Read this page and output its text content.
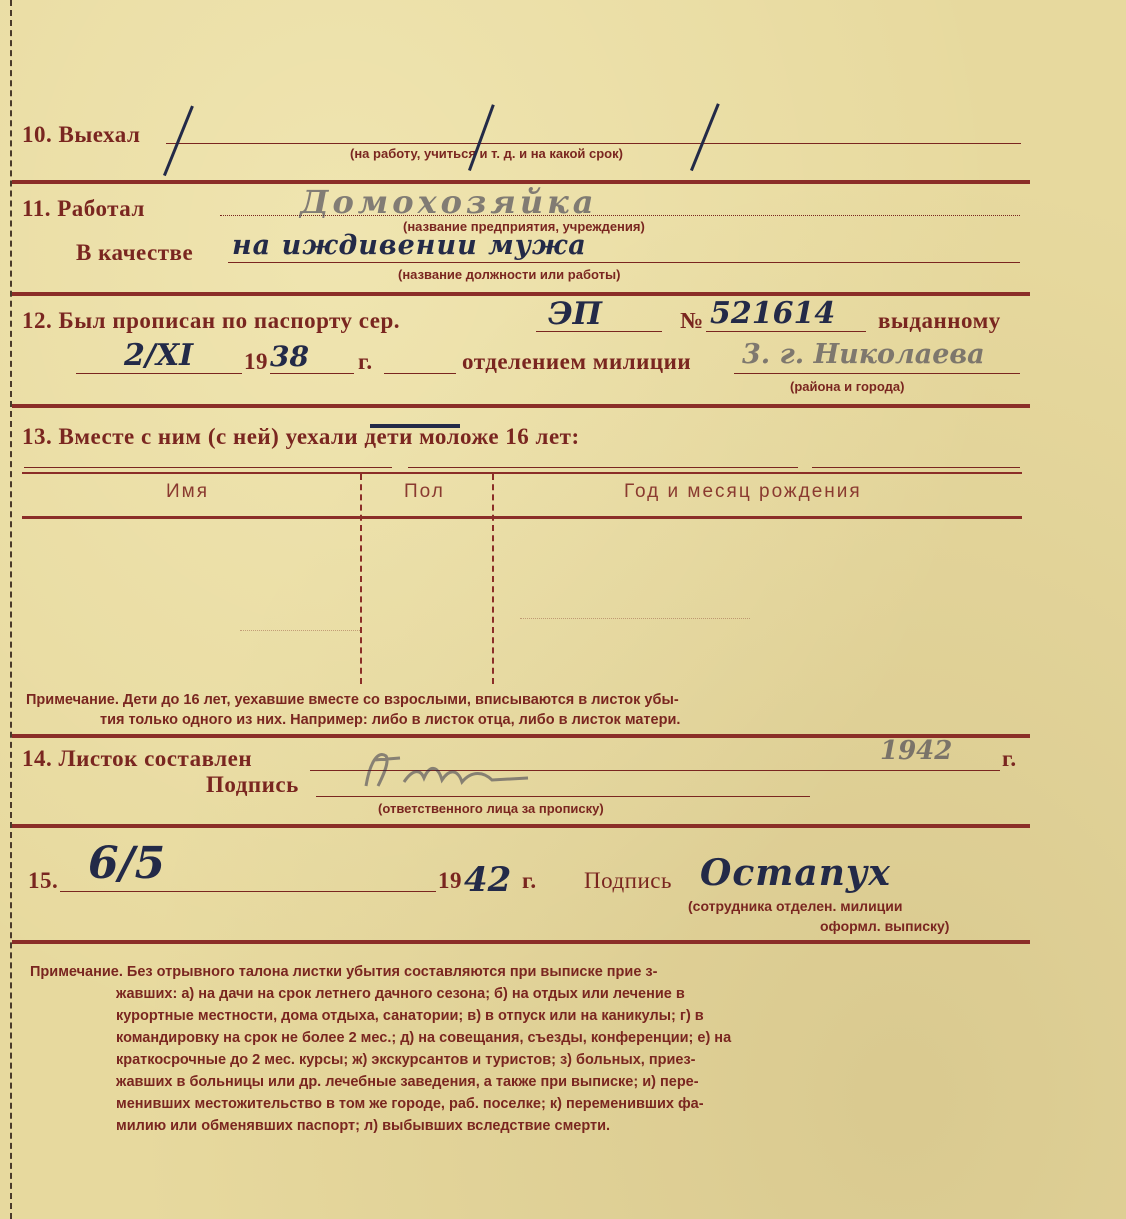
10. Выехал
(на работу, учиться и т. д. и на какой срок)
11. Работал	Домохозяйка
(название предприятия, учреждения)
В качестве на иждивении мужа
(название должности или работы)
12. Был прописан по паспорту сер.	ЭП	№ 521614 выданному
2/XI 19 38 г.	отделением милиции 3. г. Николаева
(района и города)
13. Вместе с ним (с ней) уехали дети моложе 16 лет:
Имя	Пол	Год и месяц рождения
Примечание. Дети до 16 лет, уехавшие вместе со взрослыми, вписываются в листок убы-
тия только одного из них. Например: либо в листок отца, либо в листок матери.
14. Листок составлен	1942 г.
Подпись
(ответственного лица за прописку)
15. 6/5	19 42 г. Подпись Остапух
(сотрудника отделен. милиции
оформл. выписку)
Примечание. Без отрывного талона листки убытия составляются при выписке прие з-
жавших: а) на дачи на срок летнего дачного сезона; б) на отдых или лечение в
курортные местности, дома отдыха, санатории; в) в отпуск или на каникулы; г) в
командировку на срок не более 2 мес.; д) на совещания, съезды, конференции; е) на
краткосрочные до 2 мес. курсы; ж) экскурсантов и туристов; з) больных, приез-
жавших в больницы или др. лечебные заведения, а также при выписке; и) пере-
менивших местожительство в том же городе, раб. поселке; к) переменивших фа-
милию или обменявших паспорт; л) выбывших вследствие смерти.
